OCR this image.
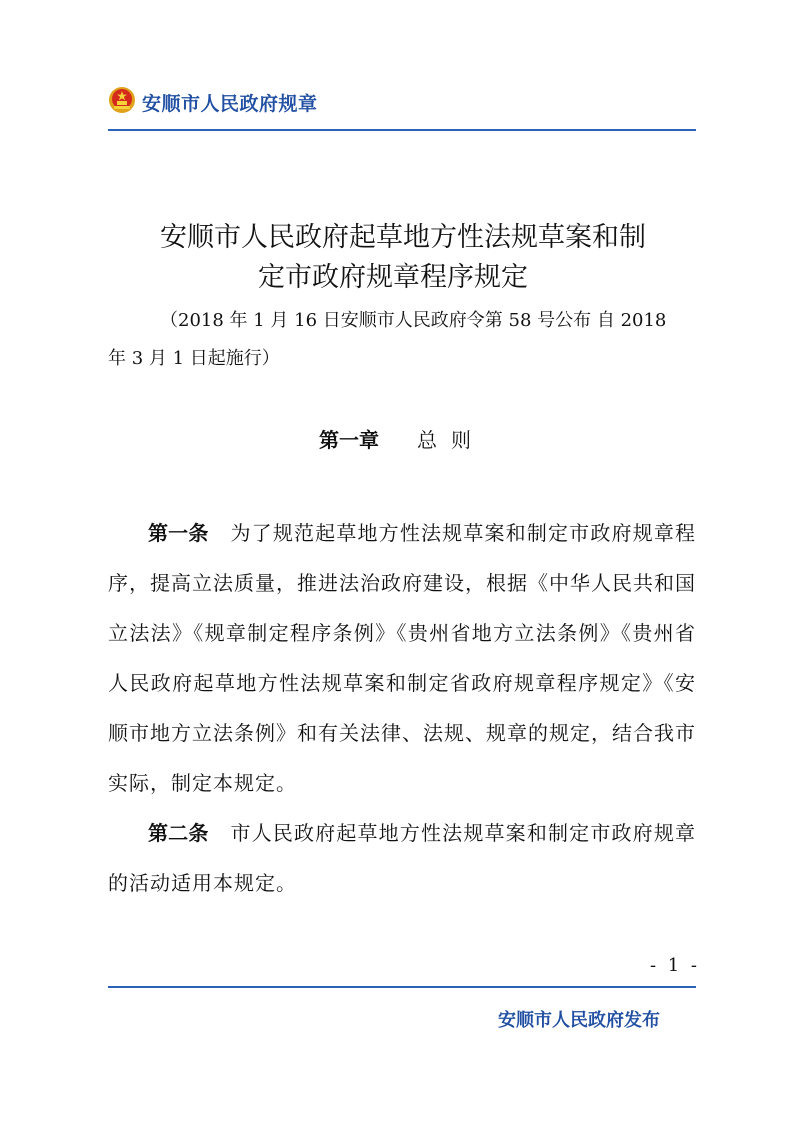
安顺市人民政府规章
安顺市人民政府起草地方性法规草案和制
定市政府规章程序规定
（2018 年 1 月 16 日安顺市人民政府令第 58 号公布 自 2018
年 3 月 1 日起施行）
第一章 总则

第一条 为了规范起草地方性法规草案和制定市政府规章程序，提高立法质量，推进法治政府建设，根据《中华人民共和国立法法》《规章制定程序条例》《贵州省地方立法条例》《贵州省人民政府起草地方性法规草案和制定省政府规章程序规定》《安顺市地方立法条例》和有关法律、法规、规章的规定，结合我市实际，制定本规定。

第二条 市人民政府起草地方性法规草案和制定市政府规章的活动适用本规定。

- 1 -
安顺市人民政府发布
